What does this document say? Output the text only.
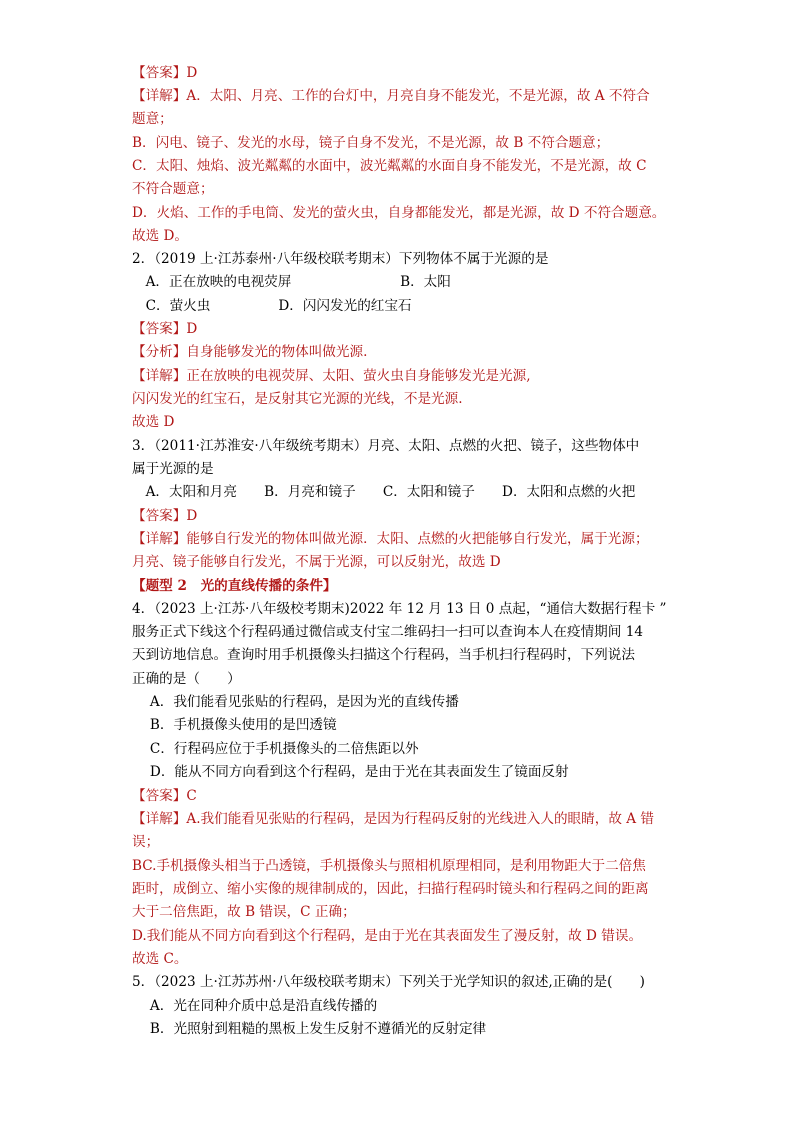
【答案】D
【详解】A．太阳、月亮、工作的台灯中，月亮自身不能发光，不是光源，故 A 不符合
题意；
B．闪电、镜子、发光的水母，镜子自身不发光，不是光源，故 B 不符合题意；
C．太阳、烛焰、波光粼粼的水面中，波光粼粼的水面自身不能发光，不是光源，故 C
不符合题意；
D．火焰、工作的手电筒、发光的萤火虫，自身都能发光，都是光源，故 D 不符合题意。
故选 D。
2．（2019 上·江苏泰州·八年级校联考期末）下列物体不属于光源的是
　A．正在放映的电视荧屏　　　　　　　　B．太阳
　C．萤火虫　　　　　D．闪闪发光的红宝石
【答案】D
【分析】自身能够发光的物体叫做光源.
【详解】正在放映的电视荧屏、太阳、萤火虫自身能够发光是光源,
闪闪发光的红宝石，是反射其它光源的光线，不是光源.
故选 D
3．（2011·江苏淮安·八年级统考期末）月亮、太阳、点燃的火把、镜子，这些物体中
属于光源的是
　A．太阳和月亮　　B．月亮和镜子　　C．太阳和镜子　　D．太阳和点燃的火把
【答案】D
【详解】能够自行发光的物体叫做光源．太阳、点燃的火把能够自行发光，属于光源；
月亮、镜子能够自行发光，不属于光源，可以反射光，故选 D
【题型 2　光的直线传播的条件】
4．（2023 上·江苏·八年级校考期末)2022 年 12 月 13 日 0 点起，“通信大数据行程卡 ”
服务正式下线这个行程码通过微信或支付宝二维码扫一扫可以查询本人在疫情期间 14
天到访地信息。查询时用手机摄像头扫描这个行程码，当手机扫行程码时，下列说法
正确的是（　　）
　 A．我们能看见张贴的行程码，是因为光的直线传播
　 B．手机摄像头使用的是凹透镜
　 C．行程码应位于手机摄像头的二倍焦距以外
　 D．能从不同方向看到这个行程码，是由于光在其表面发生了镜面反射
【答案】C
【详解】A.我们能看见张贴的行程码，是因为行程码反射的光线进入人的眼睛，故 A 错
误；
BC.手机摄像头相当于凸透镜，手机摄像头与照相机原理相同，是利用物距大于二倍焦
距时，成倒立、缩小实像的规律制成的，因此，扫描行程码时镜头和行程码之间的距离
大于二倍焦距，故 B 错误，C 正确；
D.我们能从不同方向看到这个行程码，是由于光在其表面发生了漫反射，故 D 错误。
故选 C。
5．（2023 上·江苏苏州·八年级校联考期末）下列关于光学知识的叙述,正确的是(　　)
　 A．光在同种介质中总是沿直线传播的
　 B．光照射到粗糙的黑板上发生反射不遵循光的反射定律
